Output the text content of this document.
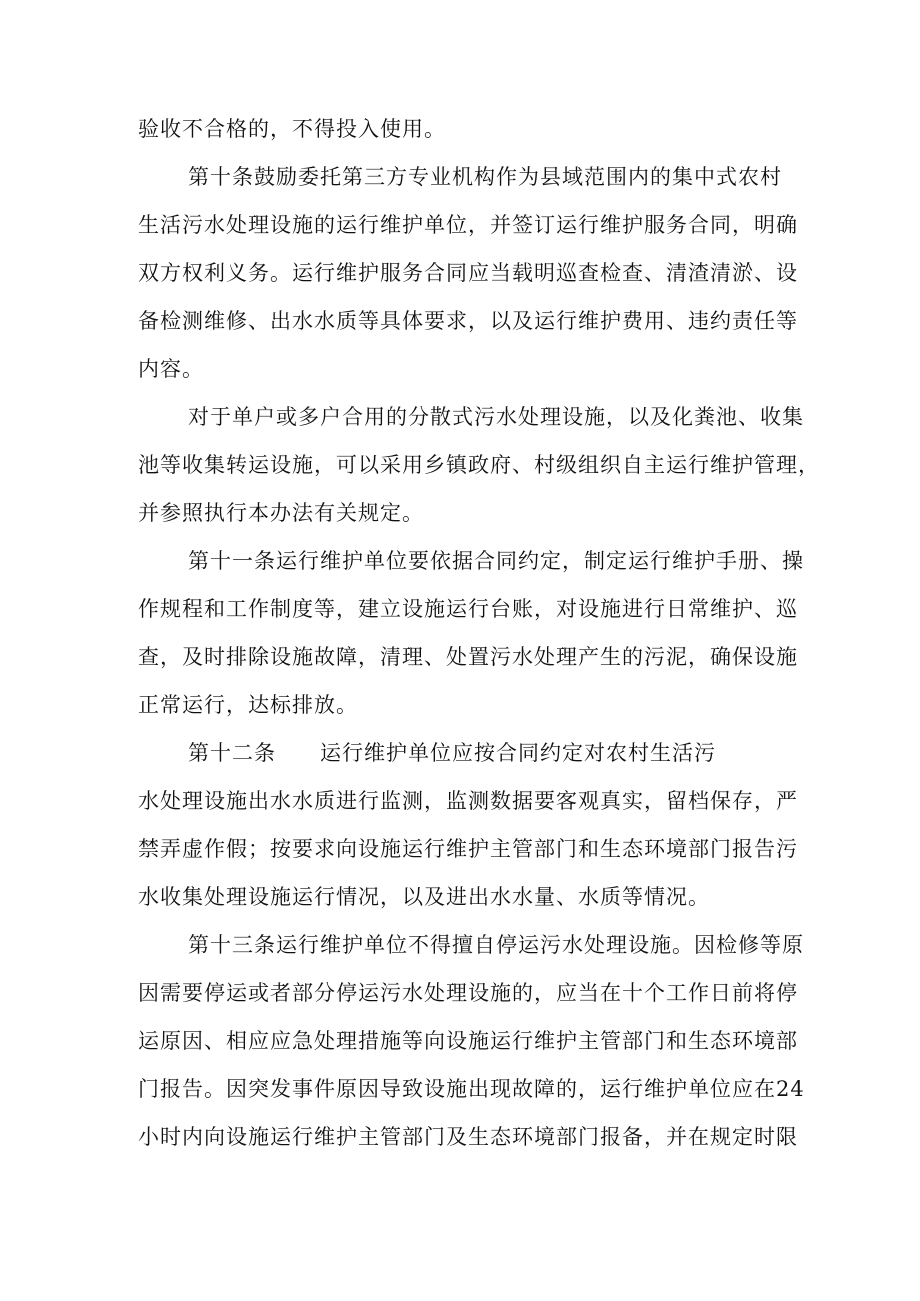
验收不合格的，不得投入使用。
第十条鼓励委托第三方专业机构作为县域范围内的集中式农村
生活污水处理设施的运行维护单位，并签订运行维护服务合同，明确
双方权利义务。运行维护服务合同应当载明巡查检查、清渣清淤、设
备检测维修、出水水质等具体要求，以及运行维护费用、违约责任等
内容。
对于单户或多户合用的分散式污水处理设施，以及化粪池、收集
池等收集转运设施，可以采用乡镇政府、村级组织自主运行维护管理，
并参照执行本办法有关规定。
第十一条运行维护单位要依据合同约定，制定运行维护手册、操
作规程和工作制度等，建立设施运行台账，对设施进行日常维护、巡
查，及时排除设施故障，清理、处置污水处理产生的污泥，确保设施
正常运行，达标排放。
第十二条　　运行维护单位应按合同约定对农村生活污
水处理设施出水水质进行监测，监测数据要客观真实，留档保存，严
禁弄虚作假；按要求向设施运行维护主管部门和生态环境部门报告污
水收集处理设施运行情况，以及进出水水量、水质等情况。
第十三条运行维护单位不得擅自停运污水处理设施。因检修等原
因需要停运或者部分停运污水处理设施的，应当在十个工作日前将停
运原因、相应应急处理措施等向设施运行维护主管部门和生态环境部
门报告。因突发事件原因导致设施出现故障的，运行维护单位应在24
小时内向设施运行维护主管部门及生态环境部门报备，并在规定时限
